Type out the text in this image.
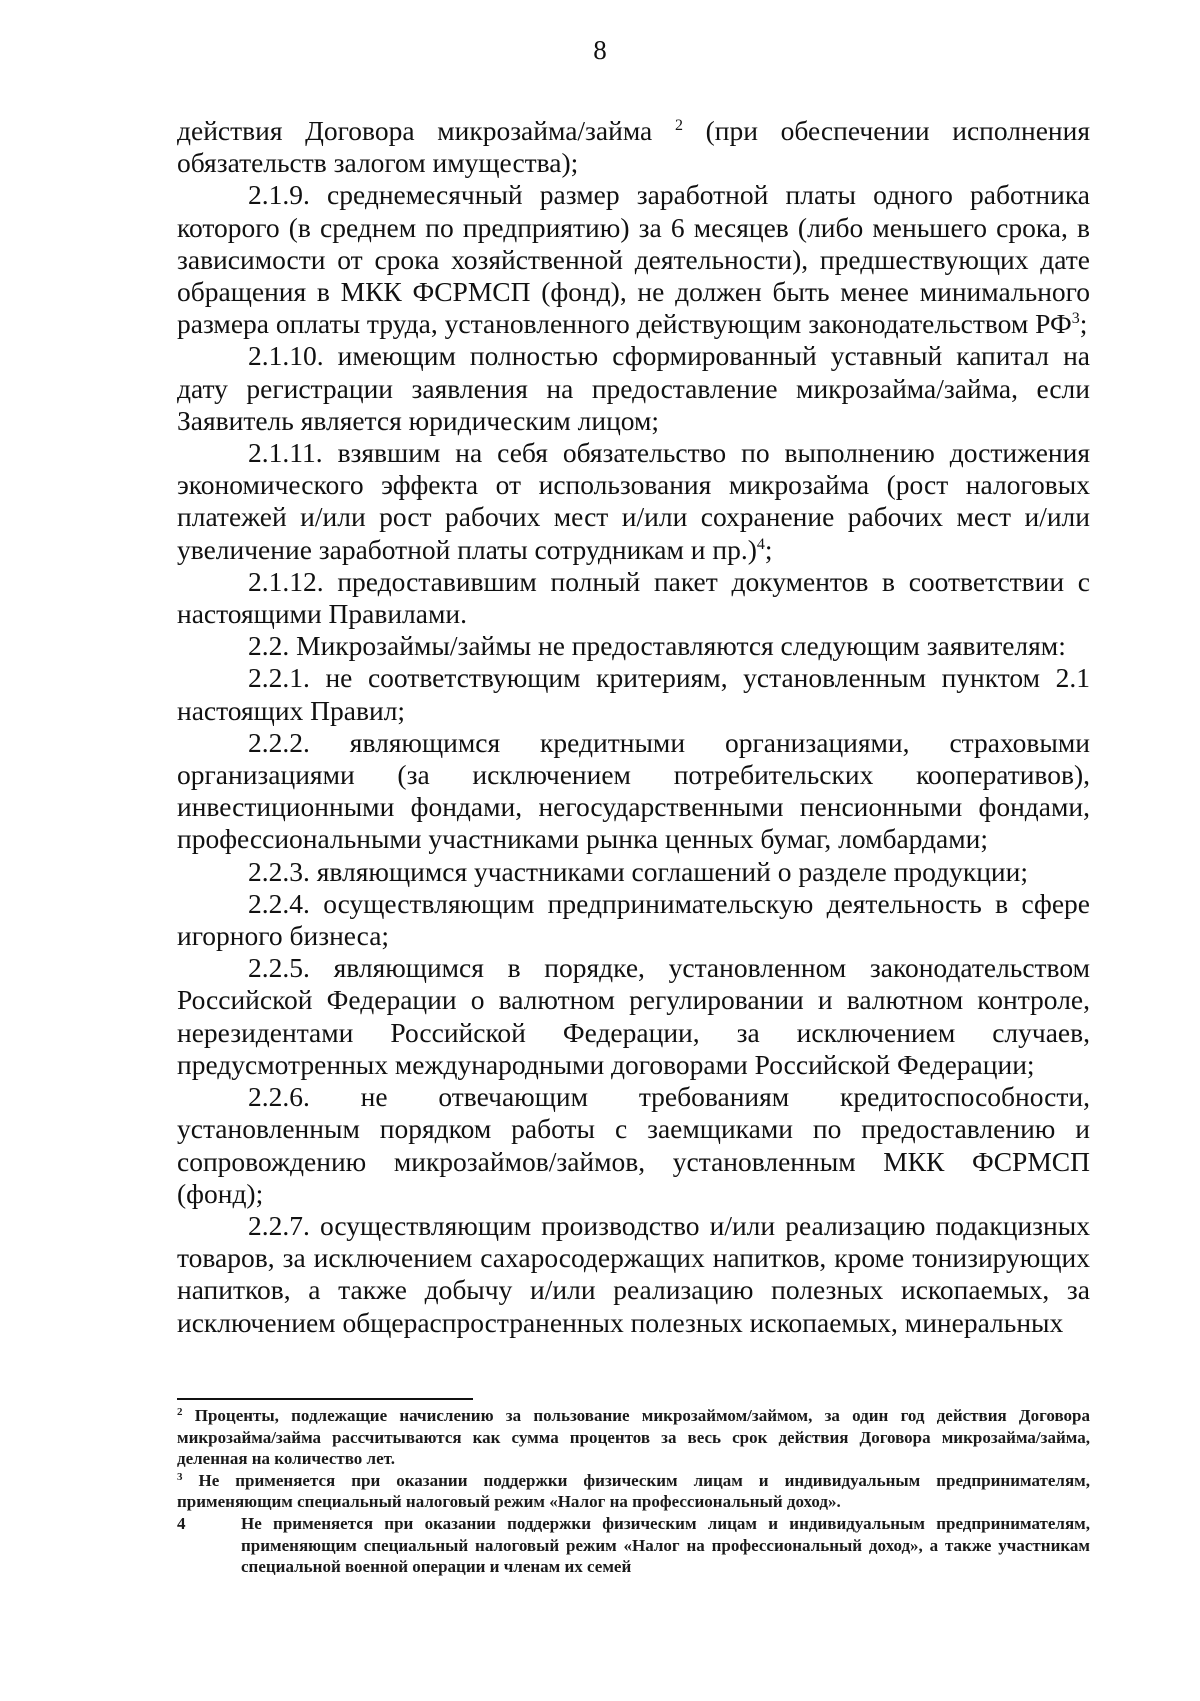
8

действия Договора микрозайма/займа $^2$ (при обеспечении исполнения обязательств залогом имущества);

2.1.9. среднемесячный размер заработной платы одного работника которого (в среднем по предприятию) за 6 месяцев (либо меньшего срока, в зависимости от срока хозяйственной деятельности), предшествующих дате обращения в МКК ФСРМСП (фонд), не должен быть менее минимального размера оплаты труда, установленного действующим законодательством $РФ^3$;

2.1.10. имеющим полностью сформированный уставный капитал на дату регистрации заявления на предоставление микрозайма/займа, если Заявитель является юридическим лицом;

2.1.11. взявшим на себя обязательство по выполнению достижения экономического эффекта от использования микрозайма (рост налоговых платежей и/или рост рабочих мест и/или сохранение рабочих мест и/или увеличение заработной платы сотрудникам и пр.)$^4$;

2.1.12. предоставившим полный пакет документов в соответствии с настоящими Правилами.

2.2. Микрозаймы/займы не предоставляются следующим заявителям:

2.2.1. не соответствующим критериям, установленным пунктом 2.1 настоящих Правил;

2.2.2. являющимся кредитными организациями, страховыми организациями (за исключением потребительских кооперативов), инвестиционными фондами, негосударственными пенсионными фондами, профессиональными участниками рынка ценных бумаг, ломбардами;

2.2.3. являющимся участниками соглашений о разделе продукции;

2.2.4. осуществляющим предпринимательскую деятельность в сфере игорного бизнеса;

2.2.5. являющимся в порядке, установленном законодательством Российской Федерации о валютном регулировании и валютном контроле, нерезидентами Российской Федерации, за исключением случаев, предусмотренных международными договорами Российской Федерации;

2.2.6. не отвечающим требованиям кредитоспособности, установленным порядком работы с заемщиками по предоставлению и сопровождению микрозаймов/займов, установленным МКК ФСРМСП (фонд);

2.2.7. осуществляющим производство и/или реализацию подакцизных товаров, за исключением сахаросодержащих напитков, кроме тонизирующих напитков, а также добычу и/или реализацию полезных ископаемых, за исключением общераспространенных полезных ископаемых, минеральных

$^2$ Проценты, подлежащие начислению за пользование микрозаймом/займом, за один год действия Договора микрозайма/займа рассчитываются как сумма процентов за весь срок действия Договора микрозайма/займа, деленная на количество лет.

$^3$ Не применяется при оказании поддержки физическим лицам и индивидуальным предпринимателям, применяющим специальный налоговый режим «Налог на профессиональный доход».

4	Не применяется при оказании поддержки физическим лицам и индивидуальным предпринимателям, применяющим специальный налоговый режим «Налог на профессиональный доход», а также участникам специальной военной операции и членам их семей
